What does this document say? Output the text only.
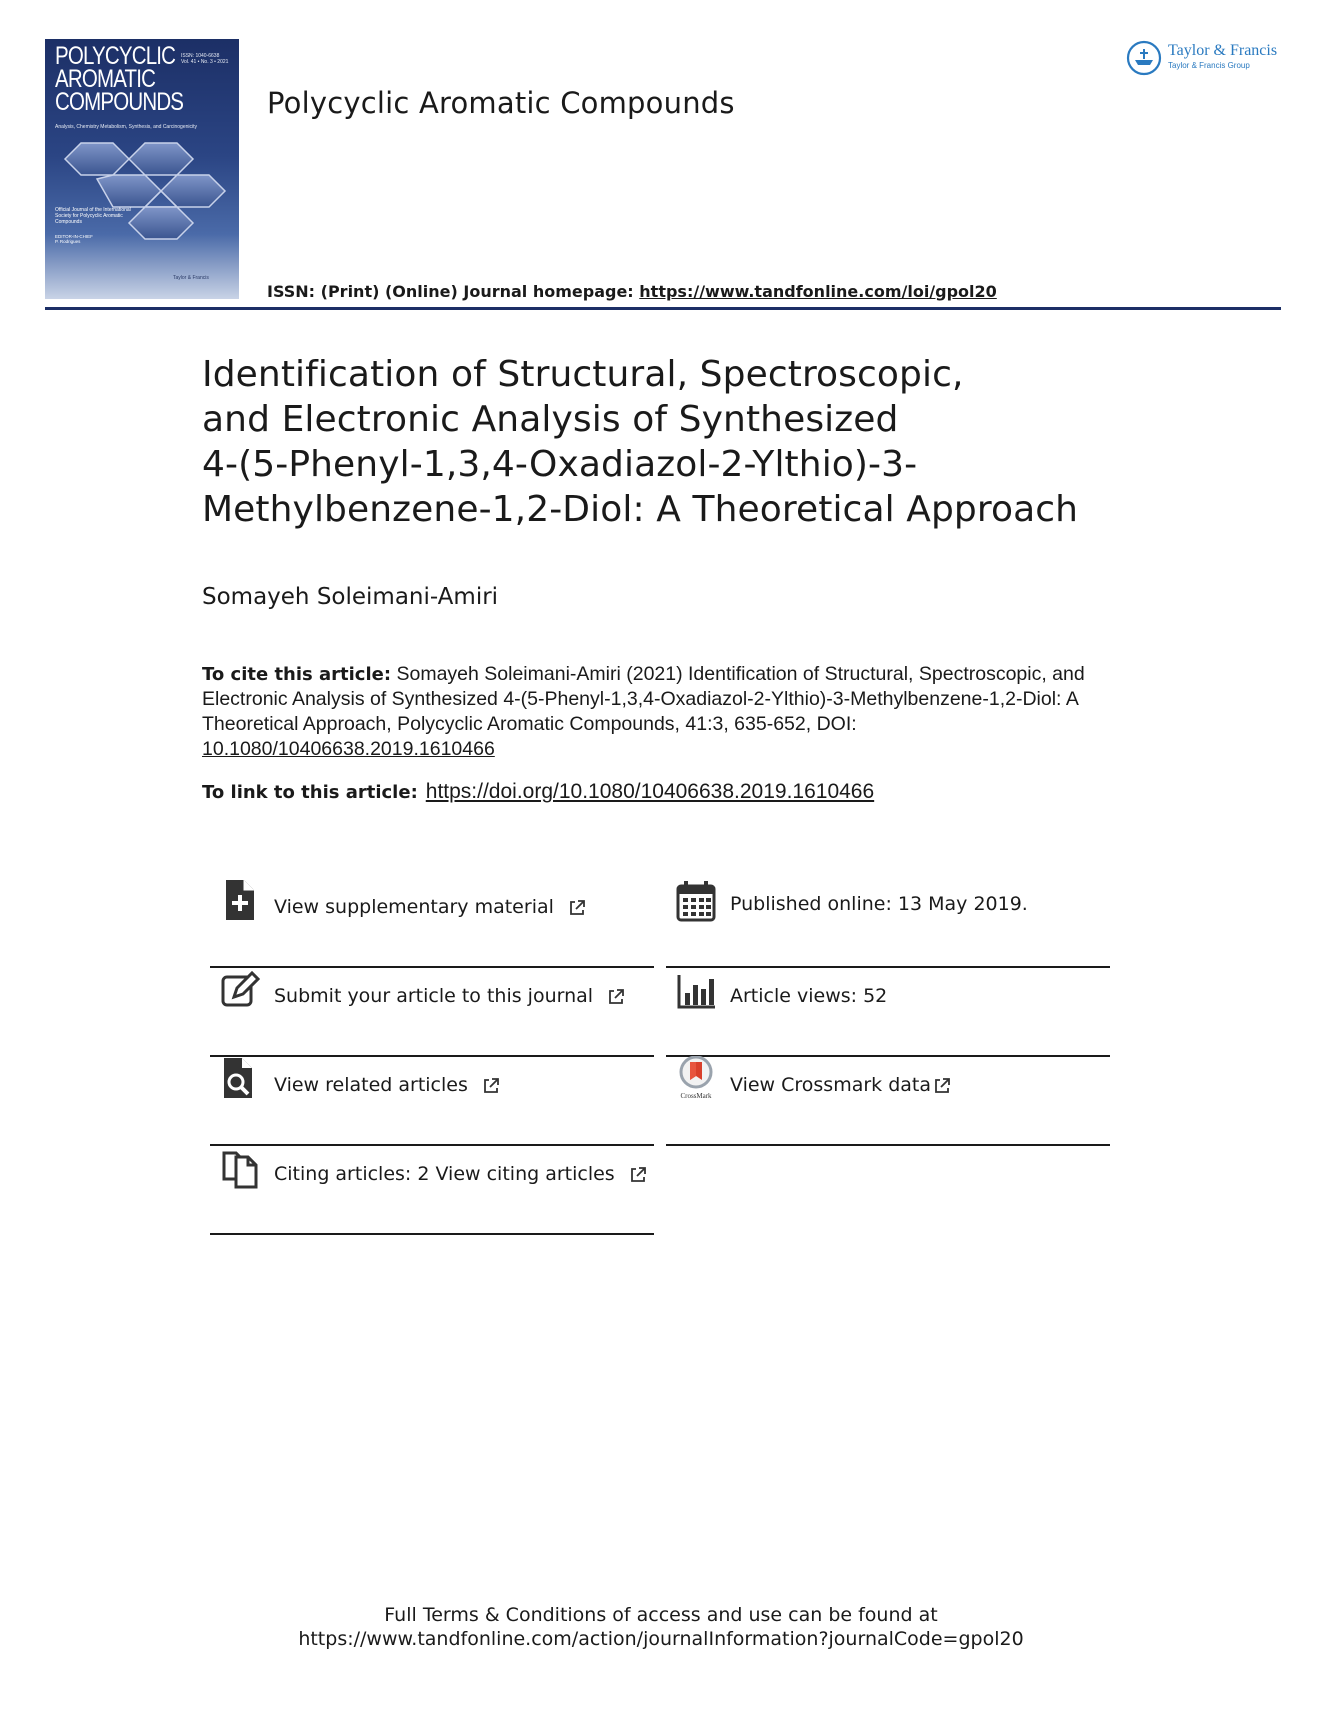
POLYCYCLIC
AROMATIC
COMPOUNDS
ISSN: 1040-6638
Vol. 41 • No. 3 • 2021
Analysis, Chemistry Metabolism, Synthesis, and Carcinogenicity
Official Journal of the International
Society for Polycyclic Aromatic
Compounds
EDITOR-IN-CHIEF
P. Rodrigues
Taylor & Francis
Polycyclic Aromatic Compounds
Taylor & Francis
Taylor & Francis Group
ISSN: (Print) (Online) Journal homepage: https://www.tandfonline.com/loi/gpol20
Identification of Structural, Spectroscopic,
and Electronic Analysis of Synthesized
4-(5-Phenyl-1,3,4-Oxadiazol-2-Ylthio)-3-
Methylbenzene-1,2-Diol: A Theoretical Approach
Somayeh Soleimani-Amiri
To cite this article: Somayeh Soleimani-Amiri (2021) Identification of Structural, Spectroscopic, and Electronic Analysis of Synthesized 4-(5-Phenyl-1,3,4-Oxadiazol-2-Ylthio)-3-Methylbenzene-1,2-Diol: A Theoretical Approach, Polycyclic Aromatic Compounds, 41:3, 635-652, DOI: 10.1080/10406638.2019.1610466
To link to this article: https://doi.org/10.1080/10406638.2019.1610466
View supplementary material
Submit your article to this journal
View related articles
Citing articles: 2 View citing articles
Published online: 13 May 2019.
Article views: 52
CrossMark View Crossmark data
Full Terms & Conditions of access and use can be found at
https://www.tandfonline.com/action/journalInformation?journalCode=gpol20
